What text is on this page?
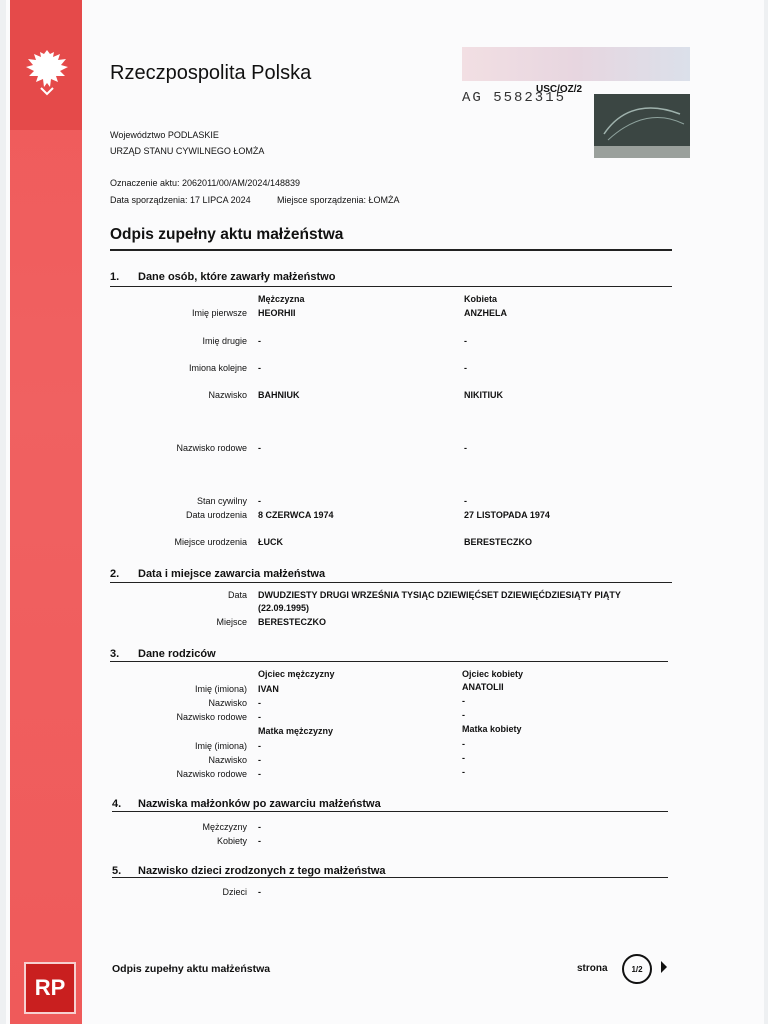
RP
Rzeczpospolita Polska
Województwo PODLASKIE
URZĄD STANU CYWILNEGO ŁOMŻA
Oznaczenie aktu: 2062011/00/AM/2024/148839
Data sporządzenia: 17 LIPCA 2024	Miejsce sporządzenia: ŁOMŻA
USC/OZ/2
AG 5582315
Odpis zupełny aktu małżeństwa
1. Dane osób, które zawarły małżeństwo
Mężczyzna	Kobieta
Imię pierwsze HEORHII	ANZHELA
Imię drugie -	-
Imiona kolejne -	-
Nazwisko BAHNIUK	NIKITIUK
Nazwisko rodowe -	-
Stan cywilny -	-
Data urodzenia 8 CZERWCA 1974	27 LISTOPADA 1974
Miejsce urodzenia ŁUCK	BERESTECZKO
2. Data i miejsce zawarcia małżeństwa
Data DWUDZIESTY DRUGI WRZEŚNIA TYSIĄC DZIEWIĘĆSET DZIEWIĘĆDZIESIĄTY PIĄTY
(22.09.1995)
Miejsce BERESTECZKO
3. Dane rodziców
Ojciec mężczyzny	Ojciec kobiety
Imię (imiona) IVAN	ANATOLII
Nazwisko -	-
Nazwisko rodowe -	-
Matka mężczyzny	Matka kobiety
Imię (imiona) -	-
Nazwisko -	-
Nazwisko rodowe -	-
4. Nazwiska małżonków po zawarciu małżeństwa
Mężczyzny -
Kobiety -
5. Nazwisko dzieci zrodzonych z tego małżeństwa
Dzieci -
Odpis zupełny aktu małżeństwa	strona	1/2
